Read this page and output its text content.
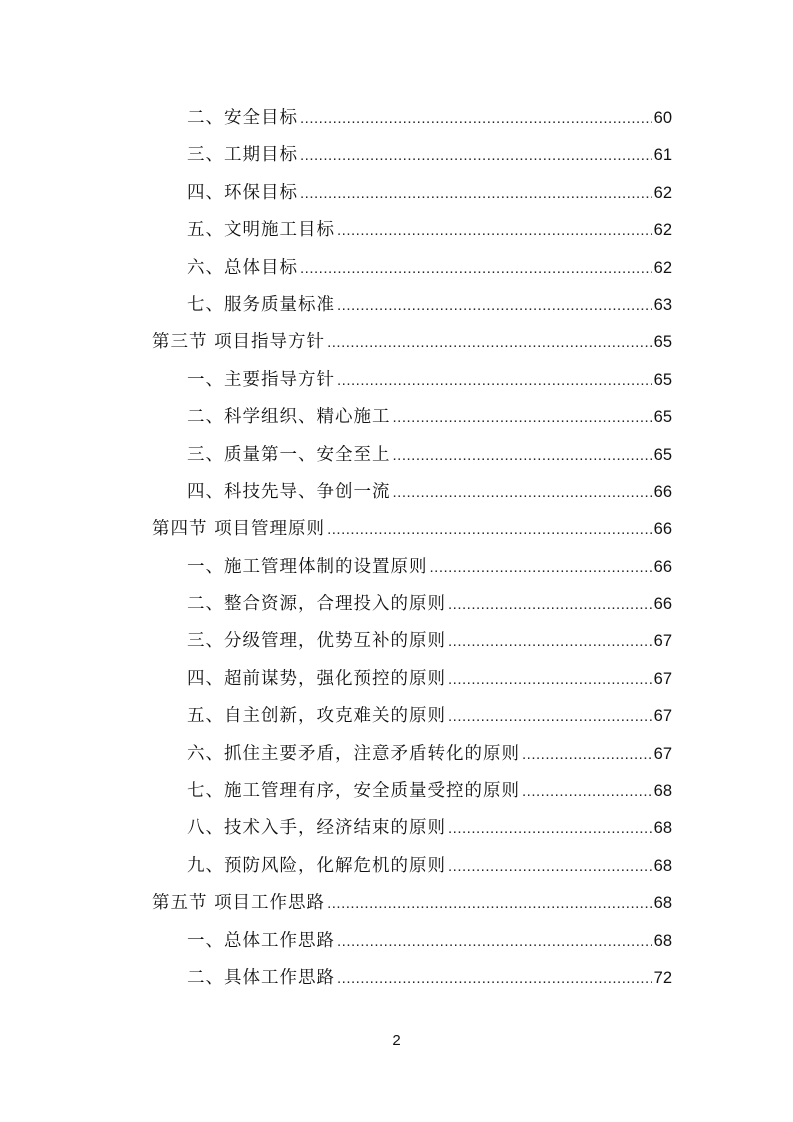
二、安全目标 .....	60
三、工期目标 .....	61
四、环保目标 .....	62
五、文明施工目标 .....	62
六、总体目标 .....	62
七、服务质量标准 .....	63
第三节 项目指导方针 .....	65
一、主要指导方针 .....	65
二、科学组织、精心施工 .....	65
三、质量第一、安全至上 .....	65
四、科技先导、争创一流 .....	66
第四节 项目管理原则 .....	66
一、施工管理体制的设置原则 .....	66
二、整合资源，合理投入的原则 .....	66
三、分级管理，优势互补的原则 .....	67
四、超前谋势，强化预控的原则 .....	67
五、自主创新，攻克难关的原则 .....	67
六、抓住主要矛盾，注意矛盾转化的原则 .....	67
七、施工管理有序，安全质量受控的原则 .....	68
八、技术入手，经济结束的原则 .....	68
九、预防风险，化解危机的原则 .....	68
第五节 项目工作思路 .....	68
一、总体工作思路 .....	68
二、具体工作思路 .....	72
2
